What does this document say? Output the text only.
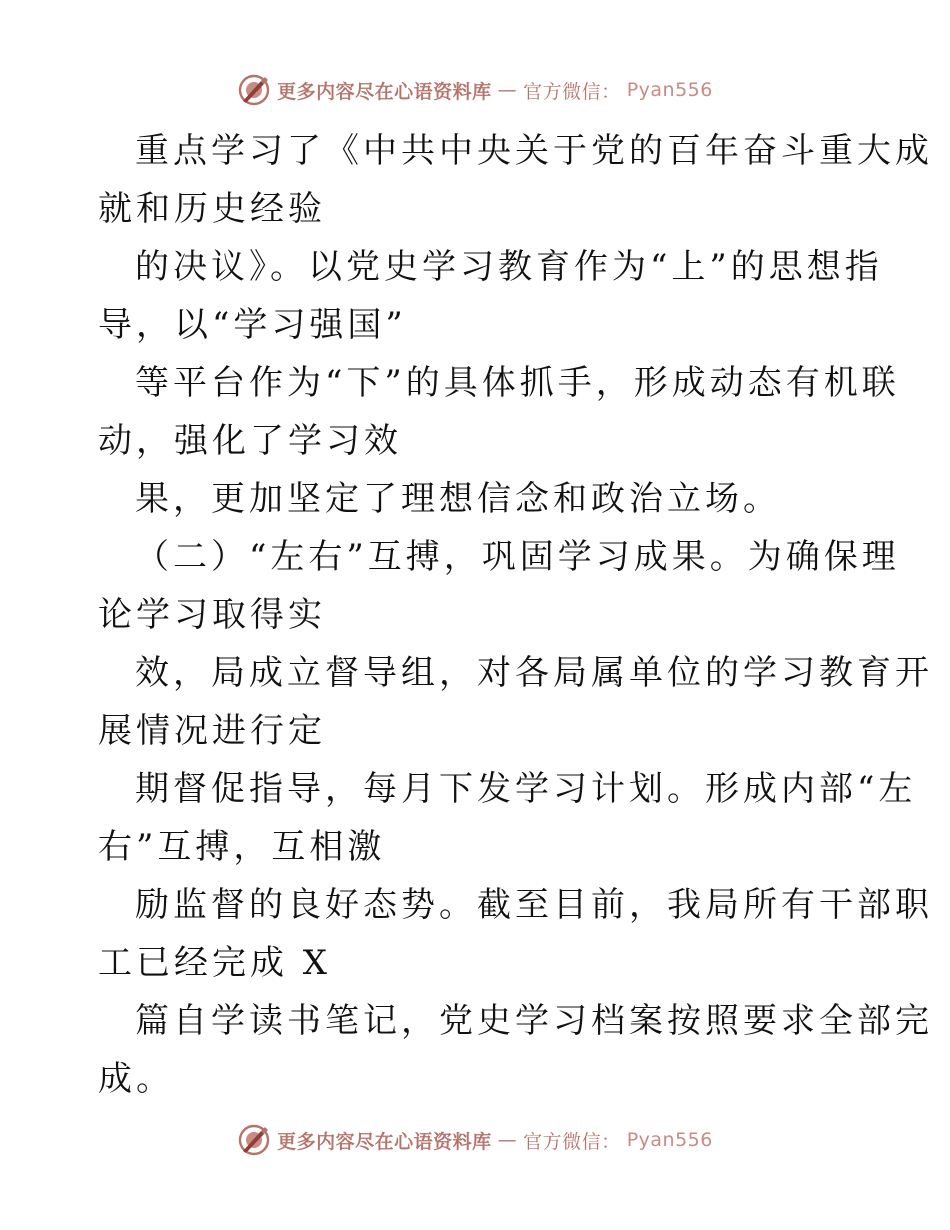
更多内容尽在心语资料库 — 官方微信： Pyan556
重点学习了《中共中央关于党的百年奋斗重大成
就和历史经验
的决议》。以党史学习教育作为“上”的思想指
导，以“学习强国”
等平台作为“下”的具体抓手，形成动态有机联
动，强化了学习效
果，更加坚定了理想信念和政治立场。
（二）“左右”互搏，巩固学习成果。为确保理
论学习取得实
效，局成立督导组，对各局属单位的学习教育开
展情况进行定
期督促指导，每月下发学习计划。形成内部“左
右”互搏，互相激
励监督的良好态势。截至目前，我局所有干部职
工已经完成 X
篇自学读书笔记，党史学习档案按照要求全部完
成。
更多内容尽在心语资料库 — 官方微信： Pyan556
